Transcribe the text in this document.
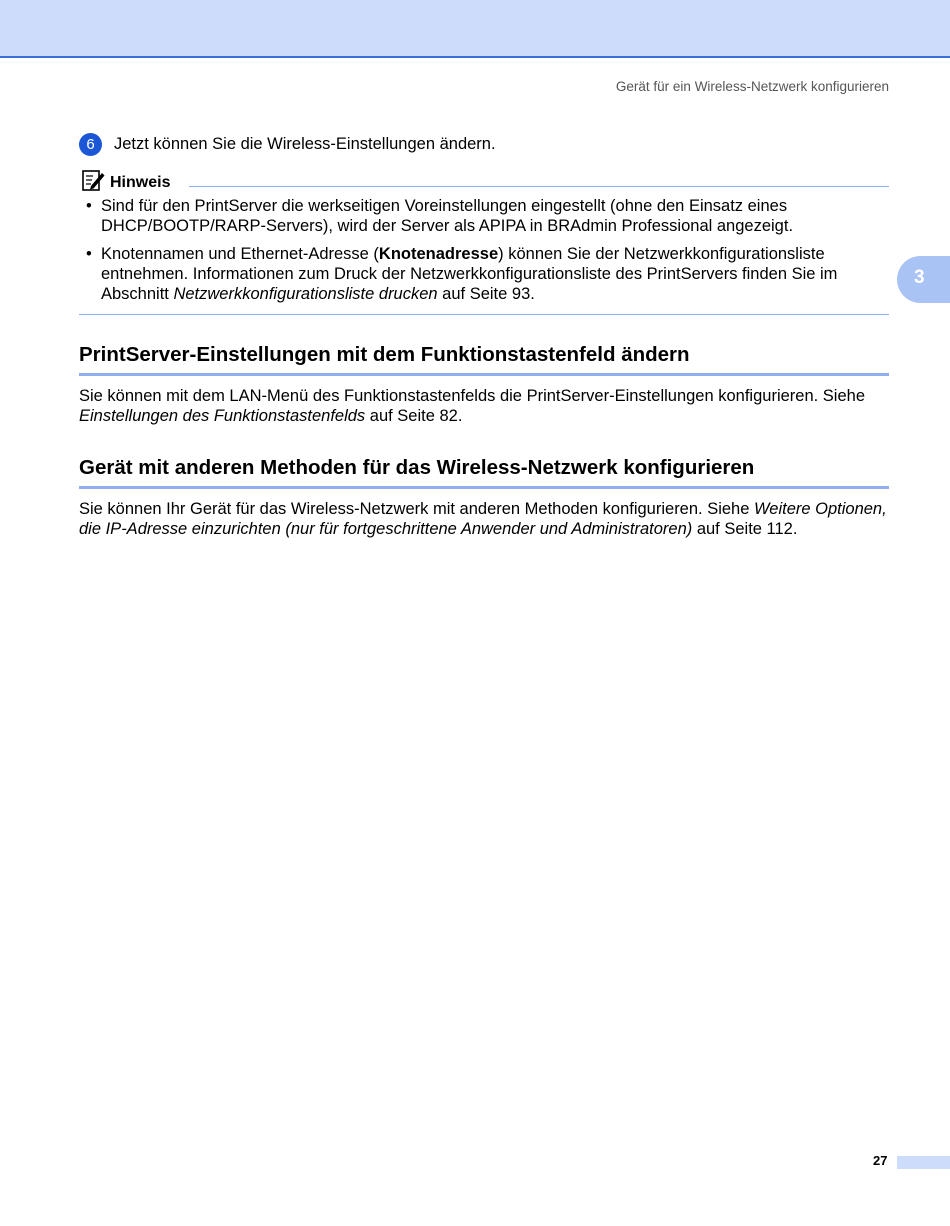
Gerät für ein Wireless-Netzwerk konfigurieren
3
6	Jetzt können Sie die Wireless-Einstellungen ändern.
Hinweis
• Sind für den PrintServer die werkseitigen Voreinstellungen eingestellt (ohne den Einsatz eines DHCP/BOOTP/RARP-Servers), wird der Server als APIPA in BRAdmin Professional angezeigt.
• Knotennamen und Ethernet-Adresse (Knotenadresse) können Sie der Netzwerkkonfigurationsliste entnehmen. Informationen zum Druck der Netzwerkkonfigurationsliste des PrintServers finden Sie im Abschnitt Netzwerkkonfigurationsliste drucken auf Seite 93.
PrintServer-Einstellungen mit dem Funktionstastenfeld ändern
Sie können mit dem LAN-Menü des Funktionstastenfelds die PrintServer-Einstellungen konfigurieren. Siehe Einstellungen des Funktionstastenfelds auf Seite 82.
Gerät mit anderen Methoden für das Wireless-Netzwerk konfigurieren
Sie können Ihr Gerät für das Wireless-Netzwerk mit anderen Methoden konfigurieren. Siehe Weitere Optionen, die IP-Adresse einzurichten (nur für fortgeschrittene Anwender und Administratoren) auf Seite 112.
27
